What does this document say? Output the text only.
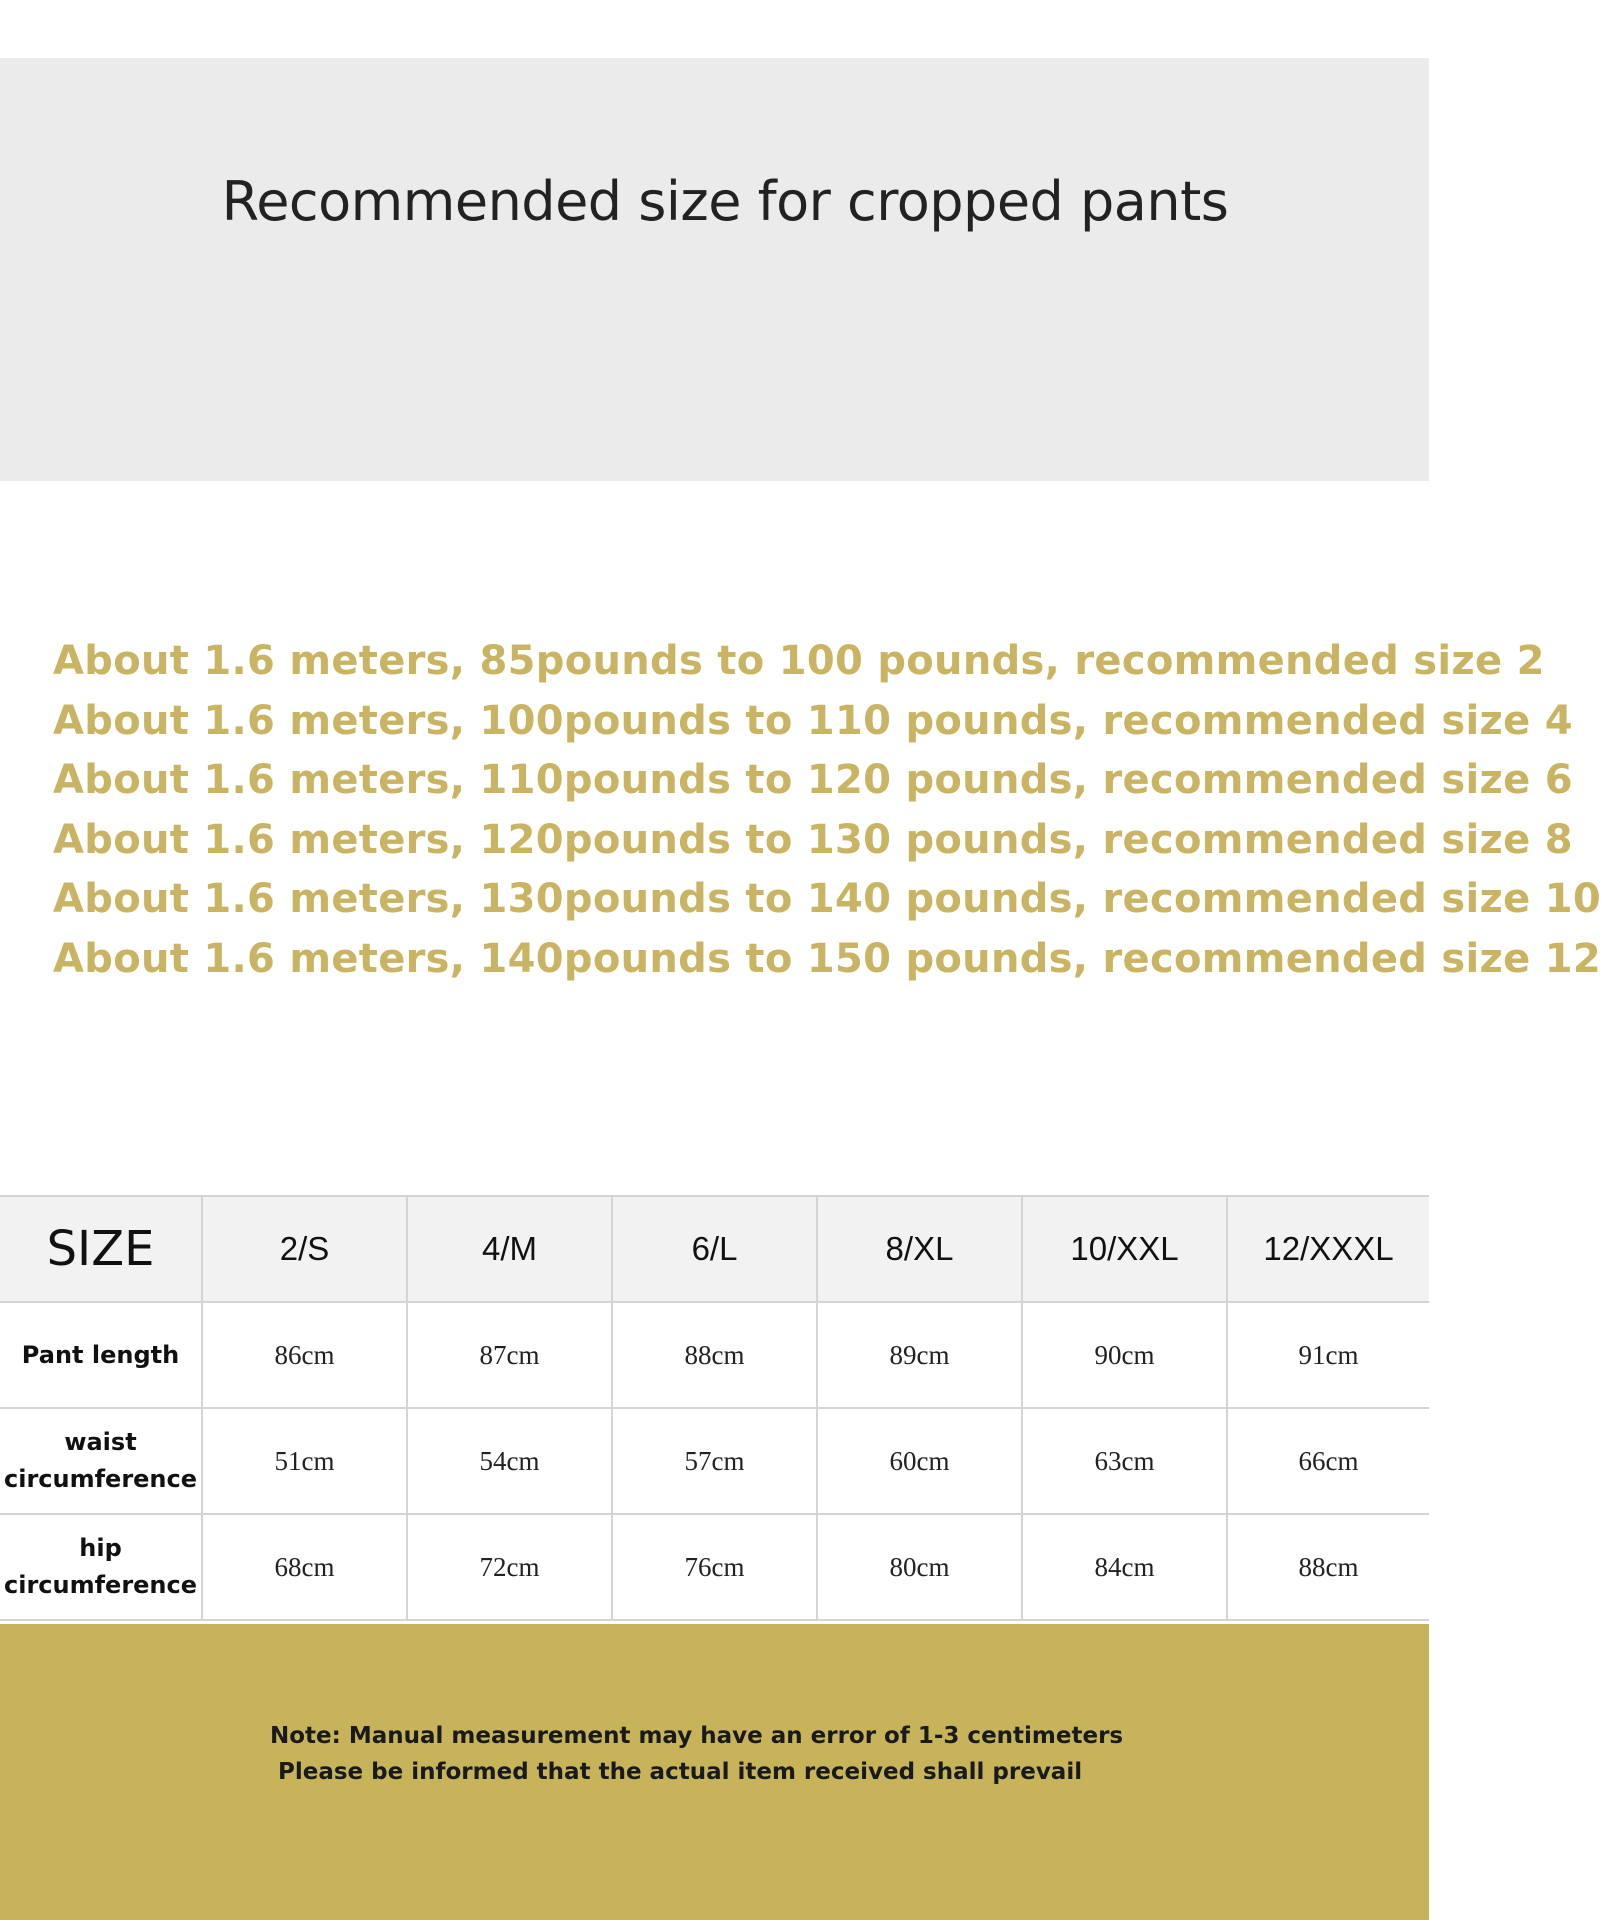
Recommended size for cropped pants
About 1.6 meters, 85pounds to 100 pounds, recommended size 2
About 1.6 meters, 100pounds to 110 pounds, recommended size 4
About 1.6 meters, 110pounds to 120 pounds, recommended size 6
About 1.6 meters, 120pounds to 130 pounds, recommended size 8
About 1.6 meters, 130pounds to 140 pounds, recommended size 10
About 1.6 meters, 140pounds to 150 pounds, recommended size 12
SIZE	2/S	4/M	6/L	8/XL	10/XXL	12/XXXL
Pant length	86cm	87cm	88cm	89cm	90cm	91cm
waist
circumference	51cm	54cm	57cm	60cm	63cm	66cm
hip
circumference	68cm	72cm	76cm	80cm	84cm	88cm
Note: Manual measurement may have an error of 1-3 centimeters
Please be informed that the actual item received shall prevail
